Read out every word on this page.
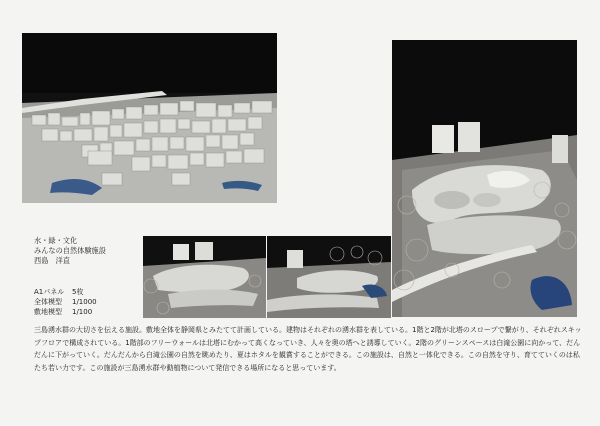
水・緑・文化
みんなの自然体験施設
西島　洋直
A1パネル	5枚
全体模型	1/1000
敷地模型	1/100
三島湧水群の大切さを伝える施設。敷地全体を静岡県とみたてて計画している。建物はそれぞれの湧水群を表している。1階と2階が北塔のスロープで繋がり、それぞれスキップフロアで構成されている。1階部のフリーウォールは北塔にむかって高くなっていき、人々を奥の塔へと誘導していく。2階のグリーンスペースは白滝公園に向かって、だんだんに下がっていく。だんだんから白滝公園の自然を眺めたり、夏はホタルを観賞することができる。この施設は、自然と一体化できる。この自然を守り、育てていくのは私たち若い力です。この施設が三島湧水群や動植物について発信できる場所になると思っています。
